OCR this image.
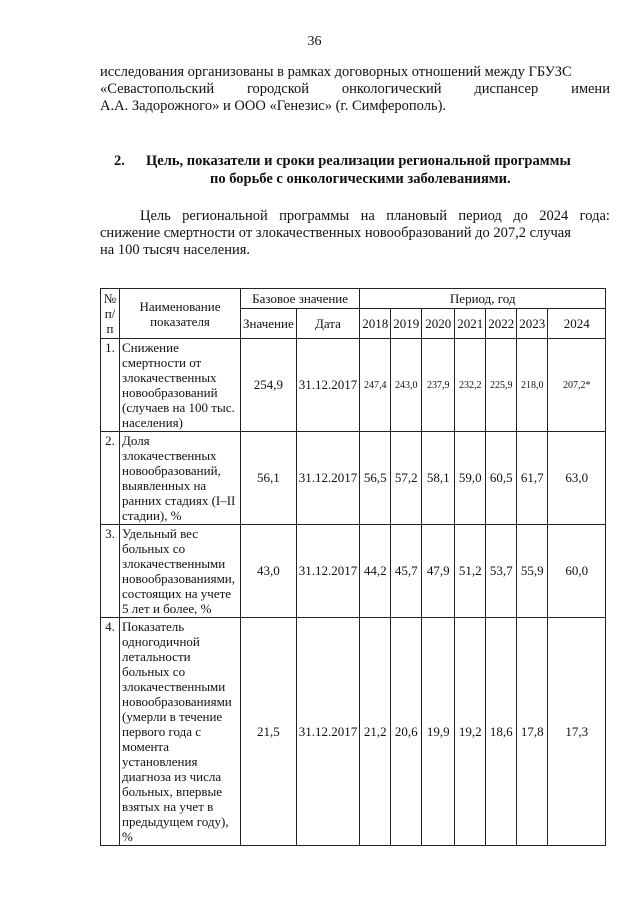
36
исследования организованы в рамках договорных отношений между ГБУЗС
«Севастопольский городской онкологический диспансер имени
А.А. Задорожного» и ООО «Генезис» (г. Симферополь).
2. Цель, показатели и сроки реализации региональной программы
по борьбе с онкологическими заболеваниями.
Цель региональной программы на плановый период до 2024 года:
снижение смертности от злокачественных новообразований до 207,2 случая
на 100 тысяч населения.
№ п/п	Наименование показателя	Базовое значение		Период, год						
		Значение	Дата	2018	2019	2020	2021	2022	2023	2024
1.	Снижение смертности от злокачественных новообразований (случаев на 100 тыс. населения)	254,9	31.12.2017	247,4	243,0	237,9	232,2	225,9	218,0	207,2*
2.	Доля злокачественных новообразований, выявленных на ранних стадиях (I–II стадии), %	56,1	31.12.2017	56,5	57,2	58,1	59,0	60,5	61,7	63,0
3.	Удельный вес больных со злокачественными новообразованиями, состоящих на учете 5 лет и более, %	43,0	31.12.2017	44,2	45,7	47,9	51,2	53,7	55,9	60,0
4.	Показатель одногодичной летальности больных со злокачественными новообразованиями (умерли в течение первого года с момента установления диагноза из числа больных, впервые взятых на учет в предыдущем году), %	21,5	31.12.2017	21,2	20,6	19,9	19,2	18,6	17,8	17,3
